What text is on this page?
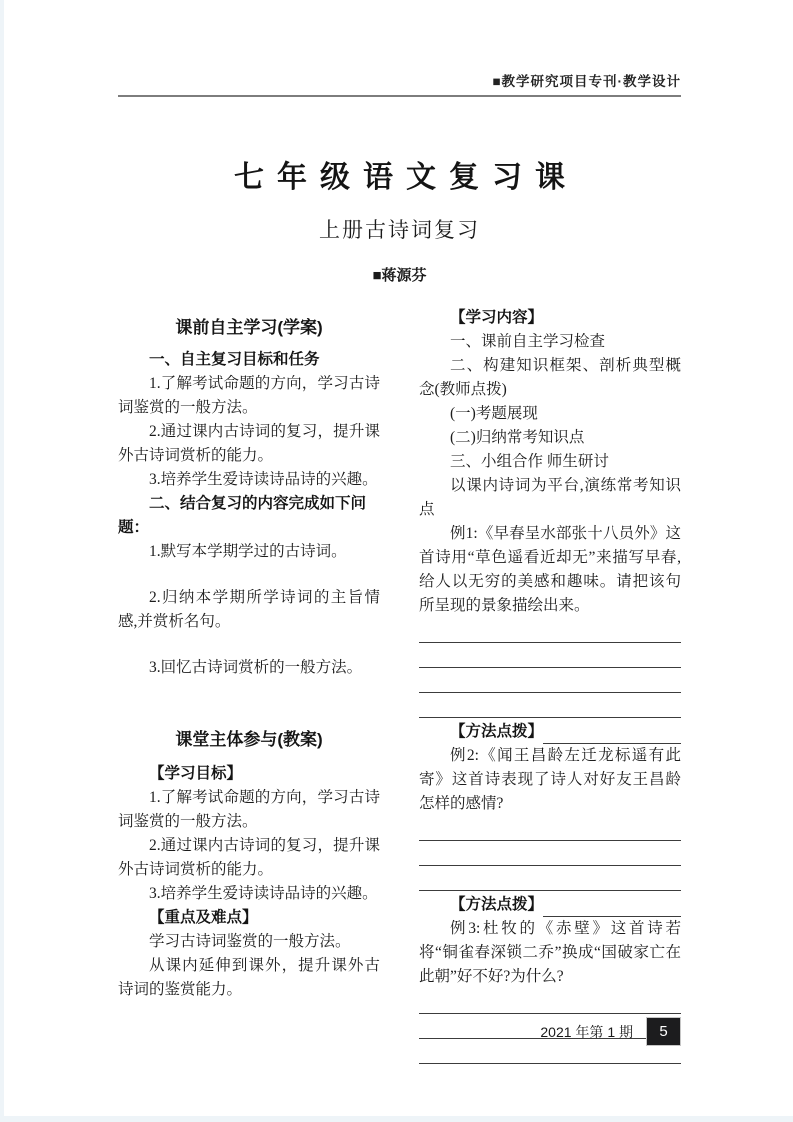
■教学研究项目专刊·教学设计
七年级语文复习课
上册古诗词复习
■蒋源芬
课前自主学习(学案)
一、自主复习目标和任务
1.了解考试命题的方向，学习古诗词鉴赏的一般方法。
2.通过课内古诗词的复习，提升课外古诗词赏析的能力。
3.培养学生爱诗读诗品诗的兴趣。
二、结合复习的内容完成如下问题：
1.默写本学期学过的古诗词。
2.归纳本学期所学诗词的主旨情感,并赏析名句。
3.回忆古诗词赏析的一般方法。
课堂主体参与(教案)
【学习目标】
1.了解考试命题的方向，学习古诗词鉴赏的一般方法。
2.通过课内古诗词的复习，提升课外古诗词赏析的能力。
3.培养学生爱诗读诗品诗的兴趣。
【重点及难点】
学习古诗词鉴赏的一般方法。
从课内延伸到课外，提升课外古诗词的鉴赏能力。
【学习内容】
一、课前自主学习检查
二、构建知识框架、剖析典型概念(教师点拨)
(一)考题展现
(二)归纳常考知识点
三、小组合作 师生研讨
以课内诗词为平台,演练常考知识点
例1:《早春呈水部张十八员外》这首诗用“草色遥看近却无”来描写早春,给人以无穷的美感和趣味。请把该句所呈现的景象描绘出来。
【方法点拨】
例2:《闻王昌龄左迁龙标遥有此寄》这首诗表现了诗人对好友王昌龄怎样的感情?
【方法点拨】
例3:杜牧的《赤壁》这首诗若将“铜雀春深锁二乔”换成“国破家亡在此朝”好不好?为什么?
2021 年第 1 期	5
